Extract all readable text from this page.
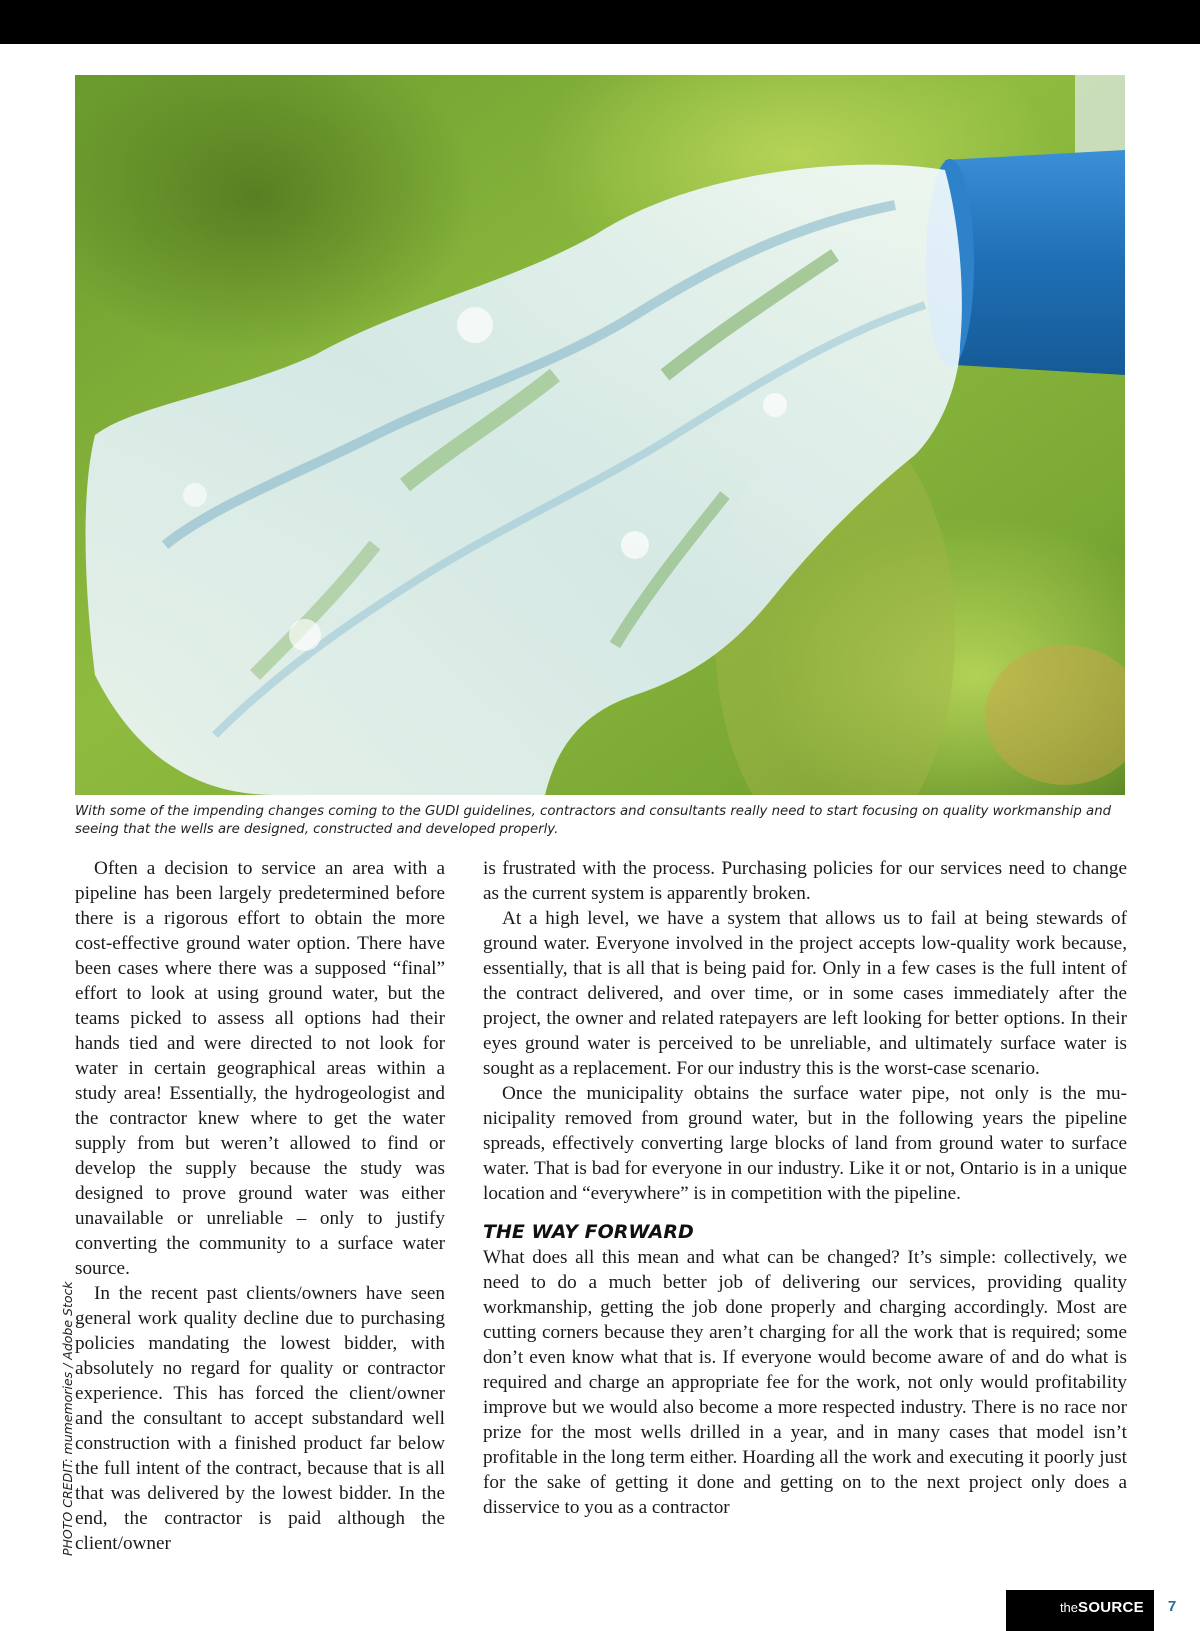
With some of the impending changes coming to the GUDI guidelines, contractors and consultants really need to start focusing on quality workmanship and seeing that the wells are designed, constructed and developed properly.

Often a decision to service an area with a pipeline has been largely predetermined before there is a rigorous effort to obtain the more cost-effective ground water option. There have been cases where there was a supposed “final” effort to look at using ground water, but the teams picked to assess all options had their hands tied and were directed to not look for water in certain geographical areas within a study area! Essentially, the hydrogeologist and the contractor knew where to get the water supply from but weren’t allowed to find or develop the supply because the study was designed to prove ground water was either unavailable or unreliable – only to justify converting the community to a surface water source.

In the recent past clients/owners have seen general work quality decline due to purchasing policies mandating the lowest bidder, with absolutely no regard for quality or contractor experience. This has forced the client/owner and the consultant to accept substandard well construction with a finished product far below the full intent of the contract, because that is all that was delivered by the lowest bidder. In the end, the contractor is paid although the client/owner

is frustrated with the process. Purchasing policies for our services need to change as the current system is apparently broken.

At a high level, we have a system that allows us to fail at being stewards of ground water. Everyone involved in the project accepts low-quality work because, essentially, that is all that is being paid for. Only in a few cases is the full intent of the contract delivered, and over time, or in some cases immediately after the project, the owner and related ratepayers are left looking for better options. In their eyes ground water is perceived to be unreliable, and ultimately surface water is sought as a replacement. For our industry this is the worst-case scenario.

Once the municipality obtains the surface water pipe, not only is the municipality removed from ground water, but in the following years the pipeline spreads, effectively converting large blocks of land from ground water to surface water. That is bad for everyone in our industry. Like it or not, Ontario is in a unique location and “everywhere” is in competition with the pipeline.

THE WAY FORWARD

What does all this mean and what can be changed? It’s simple: collectively, we need to do a much better job of delivering our services, providing quality workmanship, getting the job done properly and charging accordingly. Most are cutting corners because they aren’t charging for all the work that is required; some don’t even know what that is. If everyone would become aware of and do what is required and charge an appropriate fee for the work, not only would profitability improve but we would also become a more respected industry. There is no race nor prize for the most wells drilled in a year, and in many cases that model isn’t profitable in the long term either. Hoarding all the work and executing it poorly just for the sake of getting it done and getting on to the next project only does a disservice to you as a contractor

PHOTO CREDIT: mumemories / Adobe Stock
theSOURCE	7
